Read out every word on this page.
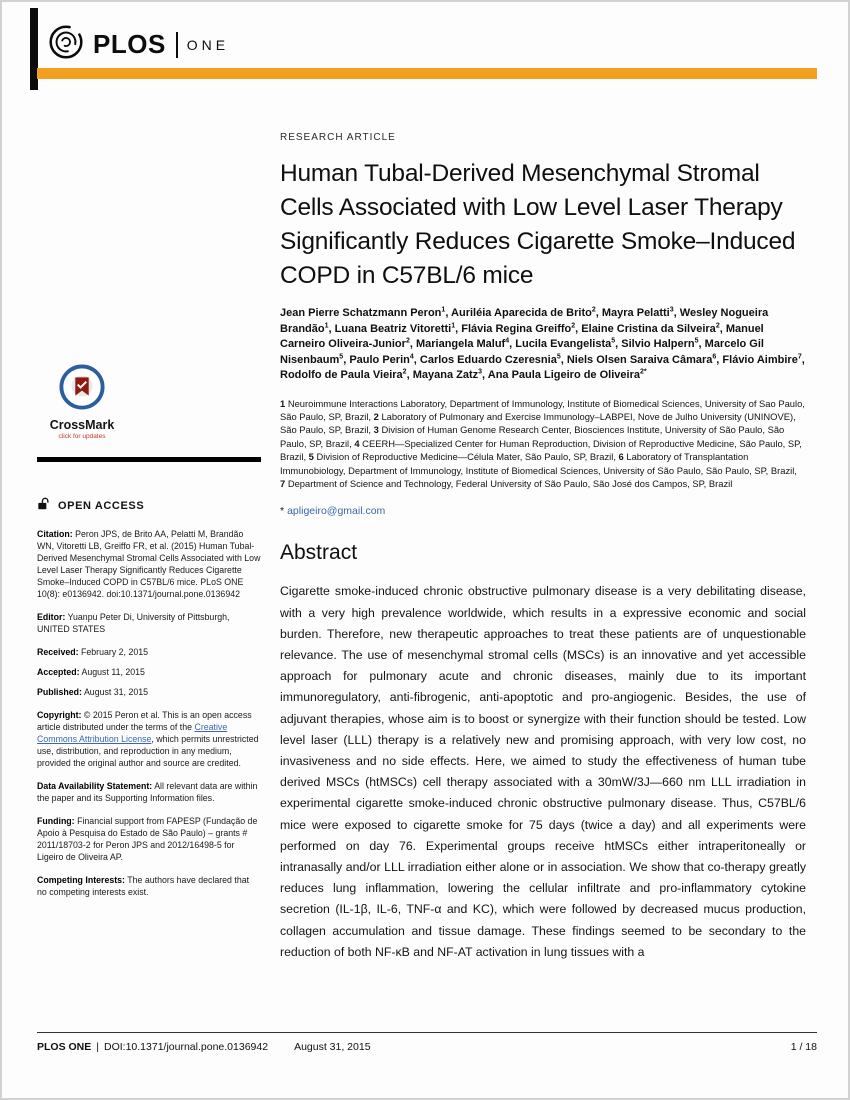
PLOS ONE
CrossMark
click for updates
OPEN ACCESS

Citation: Peron JPS, de Brito AA, Pelatti M, Brandão WN, Vitoretti LB, Greiffo FR, et al. (2015) Human Tubal-Derived Mesenchymal Stromal Cells Associated with Low Level Laser Therapy Significantly Reduces Cigarette Smoke–Induced COPD in C57BL/6 mice. PLoS ONE 10(8): e0136942. doi:10.1371/journal.pone.0136942

Editor: Yuanpu Peter Di, University of Pittsburgh, UNITED STATES

Received: February 2, 2015

Accepted: August 11, 2015

Published: August 31, 2015

Copyright: © 2015 Peron et al. This is an open access article distributed under the terms of the Creative Commons Attribution License, which permits unrestricted use, distribution, and reproduction in any medium, provided the original author and source are credited.

Data Availability Statement: All relevant data are within the paper and its Supporting Information files.

Funding: Financial support from FAPESP (Fundação de Apoio à Pesquisa do Estado de São Paulo) – grants # 2011/18703-2 for Peron JPS and 2012/16498-5 for Ligeiro de Oliveira AP.

Competing Interests: The authors have declared that no competing interests exist.

RESEARCH ARTICLE
Human Tubal-Derived Mesenchymal Stromal Cells Associated with Low Level Laser Therapy Significantly Reduces Cigarette Smoke–Induced COPD in C57BL/6 mice

Jean Pierre Schatzmann Peron$^1$, Auriléia Aparecida de Brito$^2$, Mayra Pelatti$^3$, Wesley Nogueira Brandão$^1$, Luana Beatriz Vitoretti$^1$, Flávia Regina Greiffo$^2$, Elaine Cristina da Silveira$^2$, Manuel Carneiro Oliveira-Junior$^2$, Mariangela Maluf$^4$, Lucila Evangelista$^5$, Silvio Halpern$^5$, Marcelo Gil Nisenbaum$^5$, Paulo Perin$^4$, Carlos Eduardo Czeresnia$^5$, Niels Olsen Saraiva Câmara$^6$, Flávio Aimbire$^7$, Rodolfo de Paula Vieira$^2$, Mayana Zatz$^3$, Ana Paula Ligeiro de Oliveira$^{2*}$

1 Neuroimmune Interactions Laboratory, Department of Immunology, Institute of Biomedical Sciences, University of Sao Paulo, São Paulo, SP, Brazil, 2 Laboratory of Pulmonary and Exercise Immunology–LABPEI, Nove de Julho University (UNINOVE), São Paulo, SP, Brazil, 3 Division of Human Genome Research Center, Biosciences Institute, University of São Paulo, São Paulo, SP, Brazil, 4 CEERH—Specialized Center for Human Reproduction, Division of Reproductive Medicine, São Paulo, SP, Brazil, 5 Division of Reproductive Medicine—Célula Mater, São Paulo, SP, Brazil, 6 Laboratory of Transplantation Immunobiology, Department of Immunology, Institute of Biomedical Sciences, University of São Paulo, São Paulo, SP, Brazil, 7 Department of Science and Technology, Federal University of São Paulo, São José dos Campos, SP, Brazil

* apligeiro@gmail.com

Abstract

Cigarette smoke-induced chronic obstructive pulmonary disease is a very debilitating disease, with a very high prevalence worldwide, which results in a expressive economic and social burden. Therefore, new therapeutic approaches to treat these patients are of unquestionable relevance. The use of mesenchymal stromal cells (MSCs) is an innovative and yet accessible approach for pulmonary acute and chronic diseases, mainly due to its important immunoregulatory, anti-fibrogenic, anti-apoptotic and pro-angiogenic. Besides, the use of adjuvant therapies, whose aim is to boost or synergize with their function should be tested. Low level laser (LLL) therapy is a relatively new and promising approach, with very low cost, no invasiveness and no side effects. Here, we aimed to study the effectiveness of human tube derived MSCs (htMSCs) cell therapy associated with a 30mW/3J—660 nm LLL irradiation in experimental cigarette smoke-induced chronic obstructive pulmonary disease. Thus, C57BL/6 mice were exposed to cigarette smoke for 75 days (twice a day) and all experiments were performed on day 76. Experimental groups receive htMSCs either intraperitoneally or intranasally and/or LLL irradiation either alone or in association. We show that co-therapy greatly reduces lung inflammation, lowering the cellular infiltrate and pro-inflammatory cytokine secretion (IL-1β, IL-6, TNF-α and KC), which were followed by decreased mucus production, collagen accumulation and tissue damage. These findings seemed to be secondary to the reduction of both NF-κB and NF-AT activation in lung tissues with a

PLOS ONE | DOI:10.1371/journal.pone.0136942 August 31, 2015	1 / 18
